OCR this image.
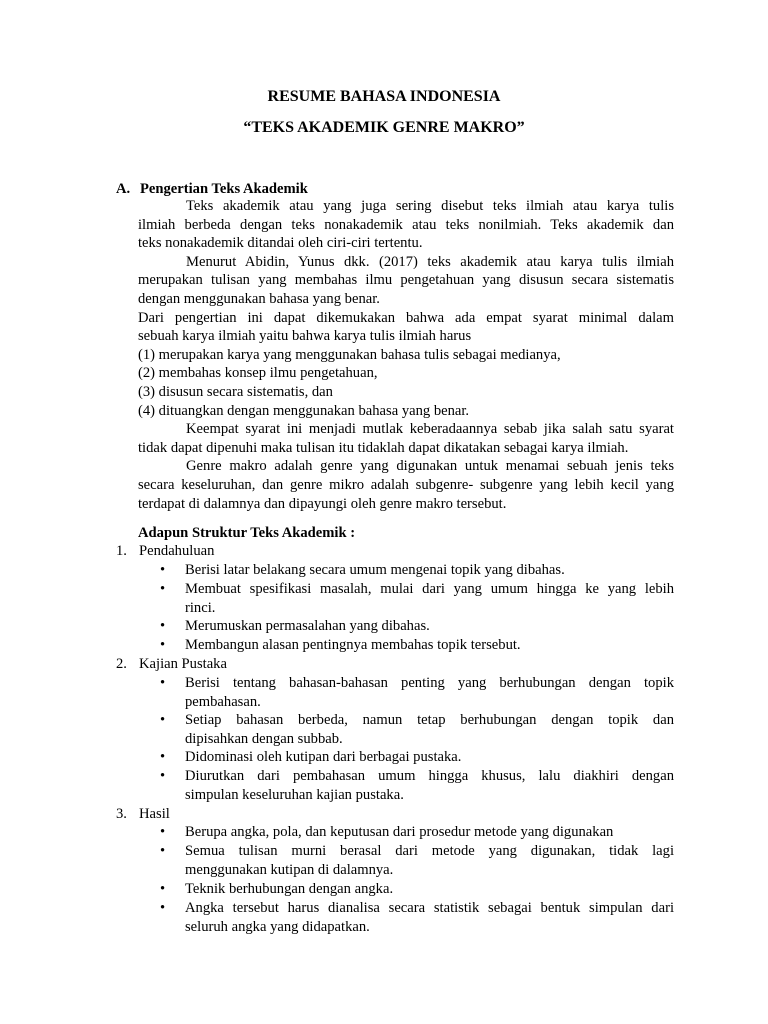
RESUME BAHASA INDONESIA
“TEKS AKADEMIK GENRE MAKRO”
A. Pengertian Teks Akademik
Teks akademik atau yang juga sering disebut teks ilmiah atau karya tulis
ilmiah berbeda dengan teks nonakademik atau teks nonilmiah. Teks akademik dan
teks nonakademik ditandai oleh ciri-ciri tertentu.
Menurut Abidin, Yunus dkk. (2017) teks akademik atau karya tulis ilmiah
merupakan tulisan yang membahas ilmu pengetahuan yang disusun secara sistematis
dengan menggunakan bahasa yang benar.
Dari pengertian ini dapat dikemukakan bahwa ada empat syarat minimal dalam
sebuah karya ilmiah yaitu bahwa karya tulis ilmiah harus
(1) merupakan karya yang menggunakan bahasa tulis sebagai medianya,
(2) membahas konsep ilmu pengetahuan,
(3) disusun secara sistematis, dan
(4) dituangkan dengan menggunakan bahasa yang benar.
Keempat syarat ini menjadi mutlak keberadaannya sebab jika salah satu syarat
tidak dapat dipenuhi maka tulisan itu tidaklah dapat dikatakan sebagai karya ilmiah.
Genre makro adalah genre yang digunakan untuk menamai sebuah jenis teks
secara keseluruhan, dan genre mikro adalah subgenre- subgenre yang lebih kecil yang
terdapat di dalamnya dan dipayungi oleh genre makro tersebut.
Adapun Struktur Teks Akademik :
1. Pendahuluan
• Berisi latar belakang secara umum mengenai topik yang dibahas.
• Membuat spesifikasi masalah, mulai dari yang umum hingga ke yang lebih
rinci.
• Merumuskan permasalahan yang dibahas.
• Membangun alasan pentingnya membahas topik tersebut.
2. Kajian Pustaka
• Berisi tentang bahasan-bahasan penting yang berhubungan dengan topik
pembahasan.
• Setiap bahasan berbeda, namun tetap berhubungan dengan topik dan
dipisahkan dengan subbab.
• Didominasi oleh kutipan dari berbagai pustaka.
• Diurutkan dari pembahasan umum hingga khusus, lalu diakhiri dengan
simpulan keseluruhan kajian pustaka.
3. Hasil
• Berupa angka, pola, dan keputusan dari prosedur metode yang digunakan
• Semua tulisan murni berasal dari metode yang digunakan, tidak lagi
menggunakan kutipan di dalamnya.
• Teknik berhubungan dengan angka.
• Angka tersebut harus dianalisa secara statistik sebagai bentuk simpulan dari
seluruh angka yang didapatkan.
